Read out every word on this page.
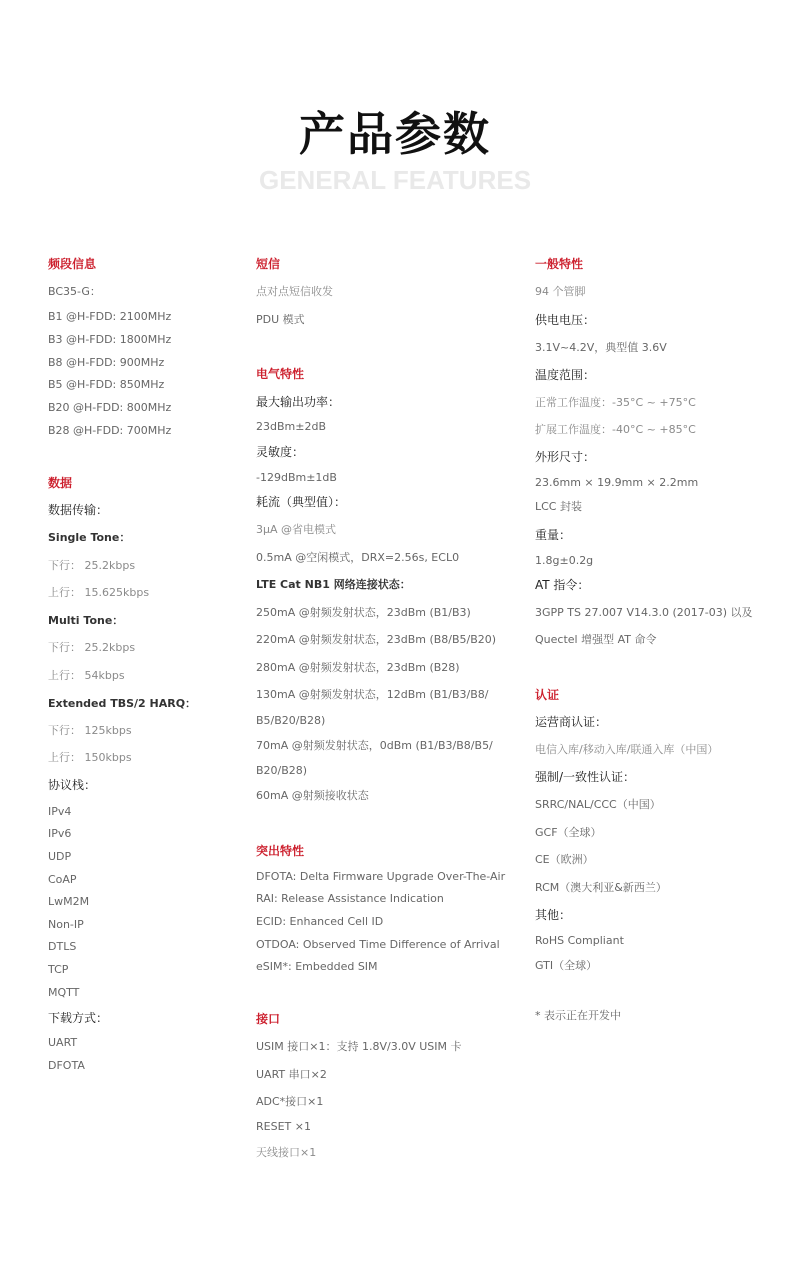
产品参数
GENERAL FEATURES
频段信息
BC35-G：
B1 @H-FDD: 2100MHz
B3 @H-FDD: 1800MHz
B8 @H-FDD: 900MHz
B5 @H-FDD: 850MHz
B20 @H-FDD: 800MHz
B28 @H-FDD: 700MHz
数据
数据传输：
Single Tone：
下行： 25.2kbps
上行： 15.625kbps
Multi Tone：
下行： 25.2kbps
上行： 54kbps
Extended TBS/2 HARQ：
下行： 125kbps
上行： 150kbps
协议栈：
IPv4
IPv6
UDP
CoAP
LwM2M
Non-IP
DTLS
TCP
MQTT
下载方式：
UART
DFOTA
短信
点对点短信收发
PDU 模式
电气特性
最大输出功率：
23dBm±2dB
灵敏度：
-129dBm±1dB
耗流（典型值）：
3μA @省电模式
0.5mA @空闲模式，DRX=2.56s, ECL0
LTE Cat NB1 网络连接状态：
250mA @射频发射状态，23dBm (B1/B3)
220mA @射频发射状态，23dBm (B8/B5/B20)
280mA @射频发射状态，23dBm (B28)
130mA @射频发射状态，12dBm (B1/B3/B8/
B5/B20/B28)
70mA @射频发射状态，0dBm (B1/B3/B8/B5/
B20/B28)
60mA @射频接收状态
突出特性
DFOTA: Delta Firmware Upgrade Over-The-Air
RAI: Release Assistance Indication
ECID: Enhanced Cell ID
OTDOA: Observed Time Difference of Arrival
eSIM*: Embedded SIM
接口
USIM 接口×1：支持 1.8V/3.0V USIM 卡
UART 串口×2
ADC*接口×1
RESET ×1
天线接口×1
一般特性
94 个管脚
供电电压：
3.1V~4.2V，典型值 3.6V
温度范围：
正常工作温度：-35°C ~ +75°C
扩展工作温度：-40°C ~ +85°C
外形尺寸：
23.6mm × 19.9mm × 2.2mm
LCC 封装
重量：
1.8g±0.2g
AT 指令：
3GPP TS 27.007 V14.3.0 (2017-03) 以及
Quectel 增强型 AT 命令
认证
运营商认证：
电信入库/移动入库/联通入库（中国）
强制/一致性认证：
SRRC/NAL/CCC（中国）
GCF（全球）
CE（欧洲）
RCM（澳大利亚&新西兰）
其他：
RoHS Compliant
GTI（全球）
* 表示正在开发中
